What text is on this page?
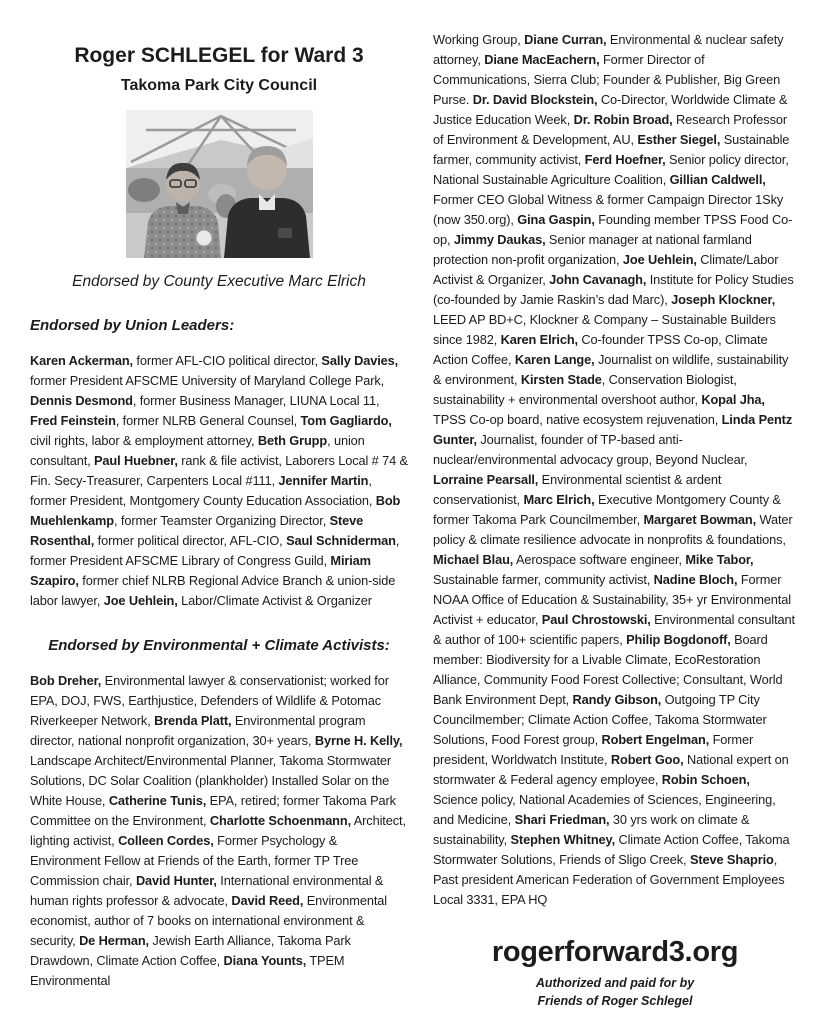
Roger SCHLEGEL for Ward 3
Takoma Park City Council

Endorsed by County Executive Marc Elrich

Endorsed by Union Leaders:

Karen Ackerman, former AFL-CIO political director, Sally Davies, former President AFSCME University of Maryland College Park, Dennis Desmond, former Business Manager, LIUNA Local 11, Fred Feinstein, former NLRB General Counsel, Tom Gagliardo, civil rights, labor & employment attorney, Beth Grupp, union consultant, Paul Huebner, rank & file activist, Laborers Local # 74 & Fin. Secy-Treasurer, Carpenters Local #111, Jennifer Martin, former President, Montgomery County Education Association, Bob Muehlenkamp, former Teamster Organizing Director, Steve Rosenthal, former political director, AFL-CIO, Saul Schniderman, former President AFSCME Library of Congress Guild, Miriam Szapiro, former chief NLRB Regional Advice Branch & union-side labor lawyer, Joe Uehlein, Labor/Climate Activist & Organizer

Endorsed by Environmental + Climate Activists:

Bob Dreher, Environmental lawyer & conservationist; worked for EPA, DOJ, FWS, Earthjustice, Defenders of Wildlife & Potomac Riverkeeper Network, Brenda Platt, Environmental program director, national nonprofit organization, 30+ years, Byrne H. Kelly, Landscape Architect/Environmental Planner, Takoma Stormwater Solutions, DC Solar Coalition (plankholder) Installed Solar on the White House, Catherine Tunis, EPA, retired; former Takoma Park Committee on the Environment, Charlotte Schoenmann, Architect, lighting activist, Colleen Cordes, Former Psychology & Environment Fellow at Friends of the Earth, former TP Tree Commission chair, David Hunter, International environmental & human rights professor & advocate, David Reed, Environmental economist, author of 7 books on international environment & security, De Herman, Jewish Earth Alliance, Takoma Park Drawdown, Climate Action Coffee, Diana Younts, TPEM Environmental

Working Group, Diane Curran, Environmental & nuclear safety attorney, Diane MacEachern, Former Director of Communications, Sierra Club; Founder & Publisher, Big Green Purse. Dr. David Blockstein, Co-Director, Worldwide Climate & Justice Education Week, Dr. Robin Broad, Research Professor of Environment & Development, AU, Esther Siegel, Sustainable farmer, community activist, Ferd Hoefner, Senior policy director, National Sustainable Agriculture Coalition, Gillian Caldwell, Former CEO Global Witness & former Campaign Director 1Sky (now 350.org), Gina Gaspin, Founding member TPSS Food Co-op, Jimmy Daukas, Senior manager at national farmland protection non-profit organization, Joe Uehlein, Climate/Labor Activist & Organizer, John Cavanagh, Institute for Policy Studies (co-founded by Jamie Raskin’s dad Marc), Joseph Klockner, LEED AP BD+C, Klockner & Company – Sustainable Builders since 1982, Karen Elrich, Co-founder TPSS Co-op, Climate Action Coffee, Karen Lange, Journalist on wildlife, sustainability & environment, Kirsten Stade, Conservation Biologist, sustainability + environmental overshoot author, Kopal Jha, TPSS Co-op board, native ecosystem rejuvenation, Linda Pentz Gunter, Journalist, founder of TP-based anti-nuclear/environmental advocacy group, Beyond Nuclear, Lorraine Pearsall, Environmental scientist & ardent conservationist, Marc Elrich, Executive Montgomery County & former Takoma Park Councilmember, Margaret Bowman, Water policy & climate resilience advocate in nonprofits & foundations, Michael Blau, Aerospace software engineer, Mike Tabor, Sustainable farmer, community activist, Nadine Bloch, Former NOAA Office of Education & Sustainability, 35+ yr Environmental Activist + educator, Paul Chrostowski, Environmental consultant & author of 100+ scientific papers, Philip Bogdonoff, Board member: Biodiversity for a Livable Climate, EcoRestoration Alliance, Community Food Forest Collective; Consultant, World Bank Environment Dept, Randy Gibson, Outgoing TP City Councilmember; Climate Action Coffee, Takoma Stormwater Solutions, Food Forest group, Robert Engelman, Former president, Worldwatch Institute, Robert Goo, National expert on stormwater & Federal agency employee, Robin Schoen, Science policy, National Academies of Sciences, Engineering, and Medicine, Shari Friedman, 30 yrs work on climate & sustainability, Stephen Whitney, Climate Action Coffee, Takoma Stormwater Solutions, Friends of Sligo Creek, Steve Shaprio, Past president American Federation of Government Employees Local 3331, EPA HQ

rogerforward3.org

Authorized and paid for by
Friends of Roger Schlegel
